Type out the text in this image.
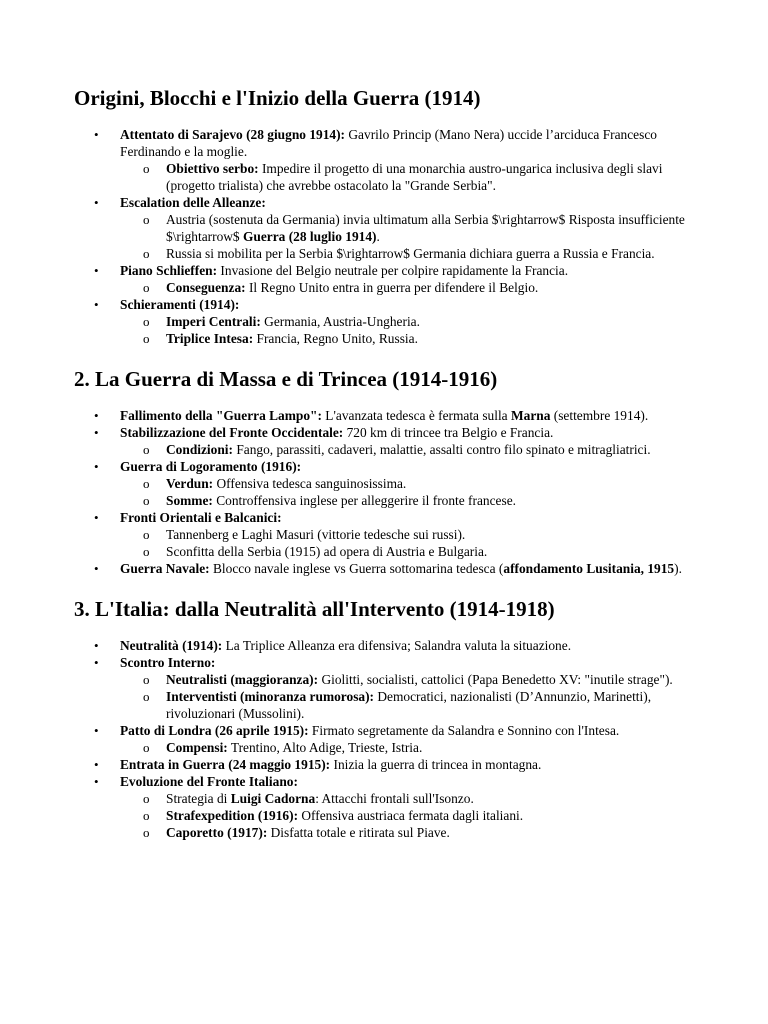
Origini, Blocchi e l'Inizio della Guerra (1914)
• Attentato di Sarajevo (28 giugno 1914): Gavrilo Princip (Mano Nera) uccide l’arciduca Francesco Ferdinando e la moglie.
o Obiettivo serbo: Impedire il progetto di una monarchia austro-ungarica inclusiva degli slavi (progetto trialista) che avrebbe ostacolato la "Grande Serbia".
• Escalation delle Alleanze:
o Austria (sostenuta da Germania) invia ultimatum alla Serbia $\rightarrow$ Risposta insufficiente $\rightarrow$ Guerra (28 luglio 1914).
o Russia si mobilita per la Serbia $\rightarrow$ Germania dichiara guerra a Russia e Francia.
• Piano Schlieffen: Invasione del Belgio neutrale per colpire rapidamente la Francia.
o Conseguenza: Il Regno Unito entra in guerra per difendere il Belgio.
• Schieramenti (1914):
o Imperi Centrali: Germania, Austria-Ungheria.
o Triplice Intesa: Francia, Regno Unito, Russia.
2. La Guerra di Massa e di Trincea (1914-1916)
• Fallimento della "Guerra Lampo": L'avanzata tedesca è fermata sulla Marna (settembre 1914).
• Stabilizzazione del Fronte Occidentale: 720 km di trincee tra Belgio e Francia.
o Condizioni: Fango, parassiti, cadaveri, malattie, assalti contro filo spinato e mitragliatrici.
• Guerra di Logoramento (1916):
o Verdun: Offensiva tedesca sanguinosissima.
o Somme: Controffensiva inglese per alleggerire il fronte francese.
• Fronti Orientali e Balcanici:
o Tannenberg e Laghi Masuri (vittorie tedesche sui russi).
o Sconfitta della Serbia (1915) ad opera di Austria e Bulgaria.
• Guerra Navale: Blocco navale inglese vs Guerra sottomarina tedesca (affondamento Lusitania, 1915).
3. L'Italia: dalla Neutralità all'Intervento (1914-1918)
• Neutralità (1914): La Triplice Alleanza era difensiva; Salandra valuta la situazione.
• Scontro Interno:
o Neutralisti (maggioranza): Giolitti, socialisti, cattolici (Papa Benedetto XV: "inutile strage").
o Interventisti (minoranza rumorosa): Democratici, nazionalisti (D’Annunzio, Marinetti), rivoluzionari (Mussolini).
• Patto di Londra (26 aprile 1915): Firmato segretamente da Salandra e Sonnino con l'Intesa.
o Compensi: Trentino, Alto Adige, Trieste, Istria.
• Entrata in Guerra (24 maggio 1915): Inizia la guerra di trincea in montagna.
• Evoluzione del Fronte Italiano:
o Strategia di Luigi Cadorna: Attacchi frontali sull'Isonzo.
o Strafexpedition (1916): Offensiva austriaca fermata dagli italiani.
o Caporetto (1917): Disfatta totale e ritirata sul Piave.
